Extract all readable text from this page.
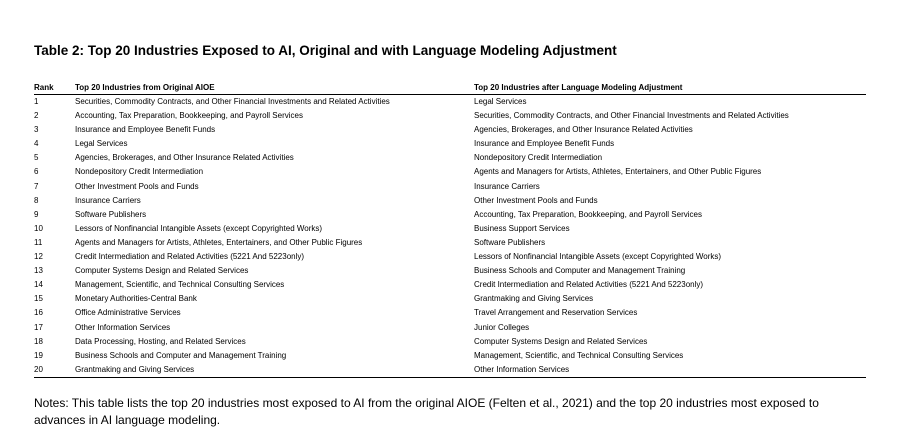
Table 2: Top 20 Industries Exposed to AI, Original and with Language Modeling Adjustment
Rank	Top 20 Industries from Original AIOE	Top 20 Industries after Language Modeling Adjustment
1	Securities, Commodity Contracts, and Other Financial Investments and Related Activities	Legal Services
2	Accounting, Tax Preparation, Bookkeeping, and Payroll Services	Securities, Commodity Contracts, and Other Financial Investments and Related Activities
3	Insurance and Employee Benefit Funds	Agencies, Brokerages, and Other Insurance Related Activities
4	Legal Services	Insurance and Employee Benefit Funds
5	Agencies, Brokerages, and Other Insurance Related Activities	Nondepository Credit Intermediation
6	Nondepository Credit Intermediation	Agents and Managers for Artists, Athletes, Entertainers, and Other Public Figures
7	Other Investment Pools and Funds	Insurance Carriers
8	Insurance Carriers	Other Investment Pools and Funds
9	Software Publishers	Accounting, Tax Preparation, Bookkeeping, and Payroll Services
10	Lessors of Nonfinancial Intangible Assets (except Copyrighted Works)	Business Support Services
11	Agents and Managers for Artists, Athletes, Entertainers, and Other Public Figures	Software Publishers
12	Credit Intermediation and Related Activities (5221 And 5223only)	Lessors of Nonfinancial Intangible Assets (except Copyrighted Works)
13	Computer Systems Design and Related Services	Business Schools and Computer and Management Training
14	Management, Scientific, and Technical Consulting Services	Credit Intermediation and Related Activities (5221 And 5223only)
15	Monetary Authorities-Central Bank	Grantmaking and Giving Services
16	Office Administrative Services	Travel Arrangement and Reservation Services
17	Other Information Services	Junior Colleges
18	Data Processing, Hosting, and Related Services	Computer Systems Design and Related Services
19	Business Schools and Computer and Management Training	Management, Scientific, and Technical Consulting Services
20	Grantmaking and Giving Services	Other Information Services
Notes: This table lists the top 20 industries most exposed to AI from the original AIOE (Felten et al., 2021) and the top 20 industries most exposed to advances in AI language modeling.
